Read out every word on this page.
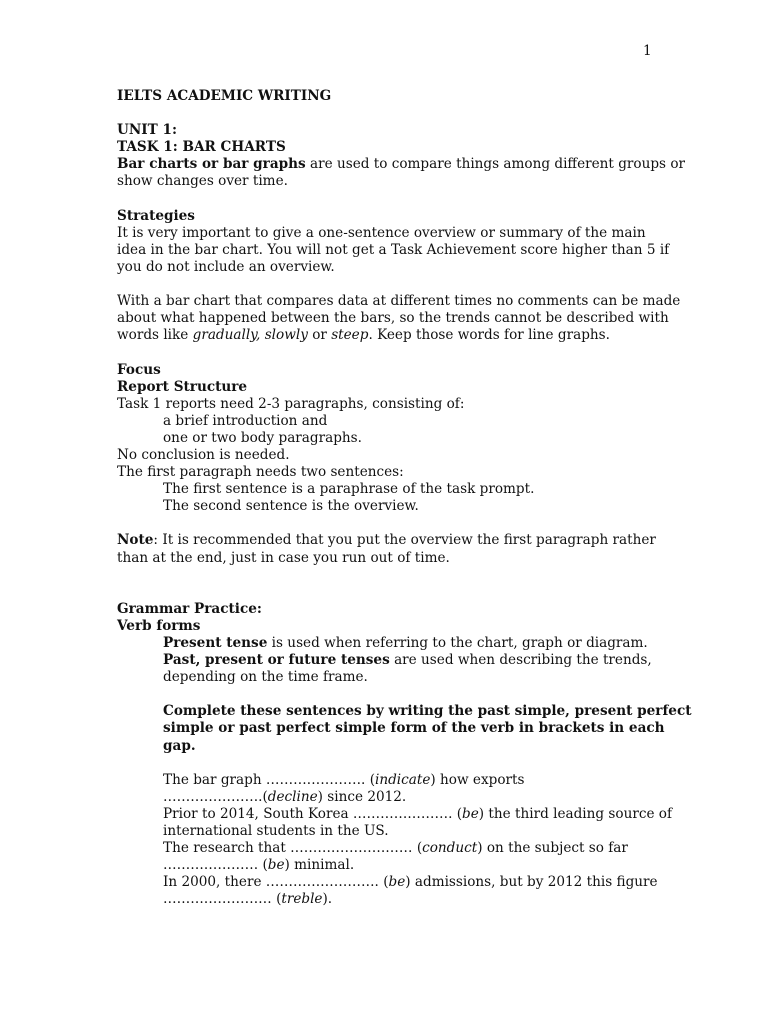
1
IELTS ACADEMIC WRITING
UNIT 1:
TASK 1: BAR CHARTS
Bar charts or bar graphs are used to compare things among different groups or
show changes over time.
Strategies
It is very important to give a one-sentence overview or summary of the main
idea in the bar chart. You will not get a Task Achievement score higher than 5 if
you do not include an overview.
With a bar chart that compares data at different times no comments can be made
about what happened between the bars, so the trends cannot be described with
words like gradually, slowly or steep. Keep those words for line graphs.
Focus
Report Structure
Task 1 reports need 2-3 paragraphs, consisting of:
a brief introduction and
one or two body paragraphs.
No conclusion is needed.
The first paragraph needs two sentences:
The first sentence is a paraphrase of the task prompt.
The second sentence is the overview.
Note: It is recommended that you put the overview the first paragraph rather
than at the end, just in case you run out of time.
Grammar Practice:
Verb forms
Present tense is used when referring to the chart, graph or diagram.
Past, present or future tenses are used when describing the trends,
depending on the time frame.
Complete these sentences by writing the past simple, present perfect
simple or past perfect simple form of the verb in brackets in each
gap.
The bar graph …………………. (indicate) how exports
………………….(decline) since 2012.
Prior to 2014, South Korea …………………. (be) the third leading source of
international students in the US.
The research that ……………………… (conduct) on the subject so far
………………… (be) minimal.
In 2000, there ……………………. (be) admissions, but by 2012 this figure
…………………… (treble).
